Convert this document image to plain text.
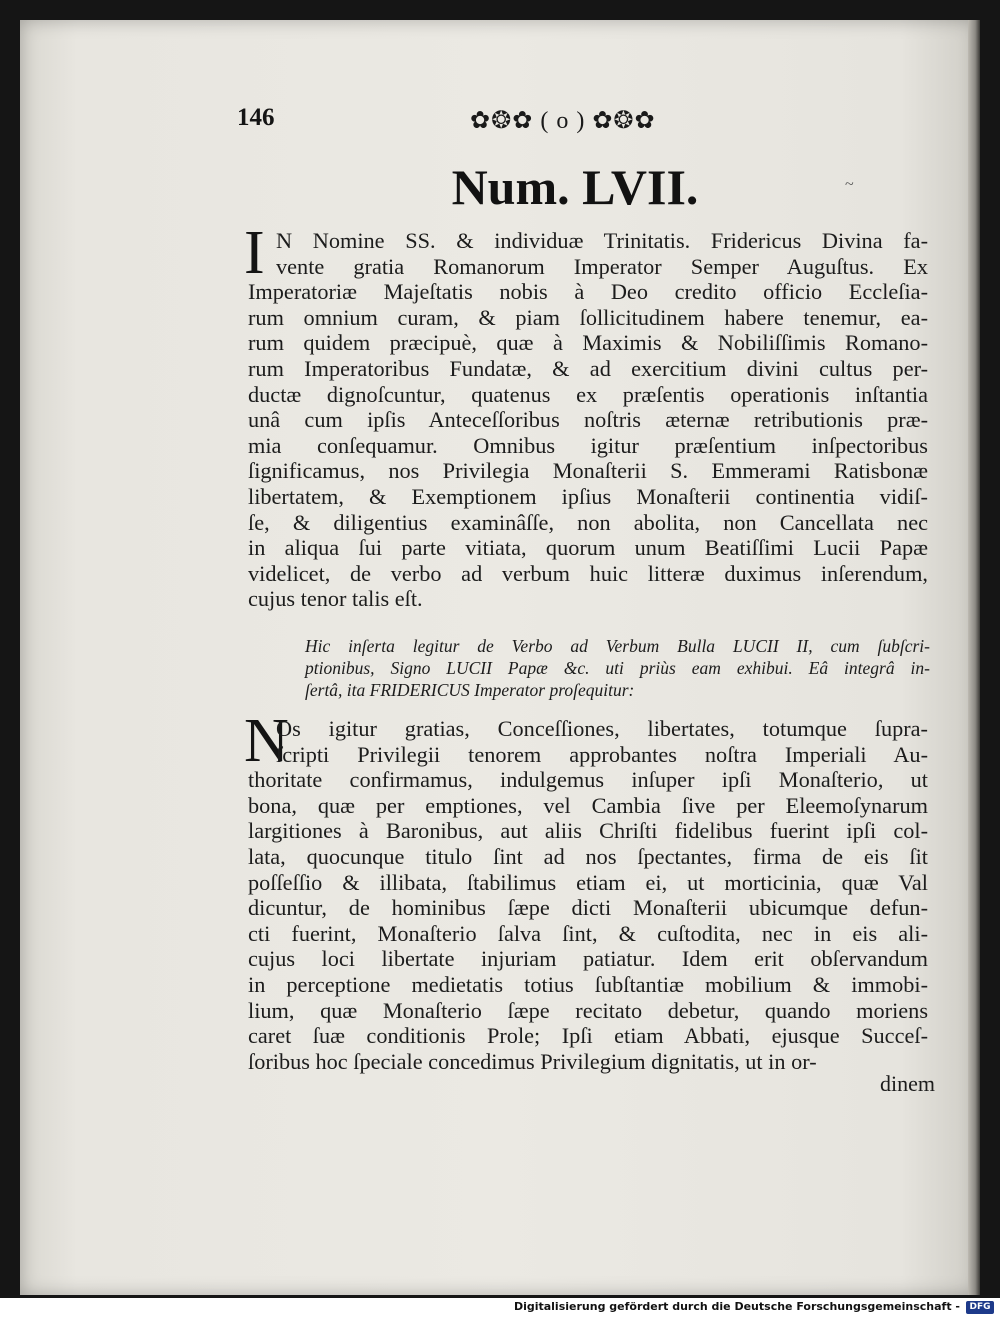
146	✿❂✿ ( o ) ✿❂✿
Num. LVII.	~
I N Nomine SS. & individuæ Trinitatis. Fridericus Divina fa-
vente gratia Romanorum Imperator Semper Auguſtus. Ex
Imperatoriæ Majeſtatis nobis à Deo credito officio Eccleſia-
rum omnium curam, & piam ſollicitudinem habere tenemur, ea-
rum quidem præcipuè, quæ à Maximis & Nobiliſſimis Romano-
rum Imperatoribus Fundatæ, & ad exercitium divini cultus per-
ductæ dignoſcuntur, quatenus ex præſentis operationis inſtantia
unâ cum ipſis Anteceſſoribus noſtris æternæ retributionis præ-
mia conſequamur. Omnibus igitur præſentium inſpectoribus
ſignificamus, nos Privilegia Monaſterii S. Emmerami Ratisbonæ
libertatem, & Exemptionem ipſius Monaſterii continentia vidiſ-
ſe, & diligentius examinâſſe, non abolita, non Cancellata nec
in aliqua ſui parte vitiata, quorum unum Beatiſſimi Lucii Papæ
videlicet, de verbo ad verbum huic litteræ duximus inſerendum,
cujus tenor talis eſt.
Hic inſerta legitur de Verbo ad Verbum Bulla LUCII II, cum ſubſcri-
ptionibus, Signo LUCII Papæ &c. uti priùs eam exhibui. Eâ integrâ in-
ſertâ, ita FRIDERICUS Imperator proſequitur:
N
Os igitur gratias, Conceſſiones, libertates, totumque ſupra-
ſcripti Privilegii tenorem approbantes noſtra Imperiali Au-
thoritate confirmamus, indulgemus inſuper ipſi Monaſterio, ut
bona, quæ per emptiones, vel Cambia ſive per Eleemoſynarum
largitiones à Baronibus, aut aliis Chriſti fidelibus fuerint ipſi col-
lata, quocunque titulo ſint ad nos ſpectantes, firma de eis ſit
poſſeſſio & illibata, ſtabilimus etiam ei, ut morticinia, quæ Val
dicuntur, de hominibus ſæpe dicti Monaſterii ubicumque defun-
cti fuerint, Monaſterio ſalva ſint, & cuſtodita, nec in eis ali-
cujus loci libertate injuriam patiatur. Idem erit obſervandum
in perceptione medietatis totius ſubſtantiæ mobilium & immobi-
lium, quæ Monaſterio ſæpe recitato debetur, quando moriens
caret ſuæ conditionis Prole; Ipſi etiam Abbati, ejusque Succeſ-
ſoribus hoc ſpeciale concedimus Privilegium dignitatis, ut in or-
dinem
Digitalisierung gefördert durch die Deutsche Forschungsgemeinschaft -	DFG
